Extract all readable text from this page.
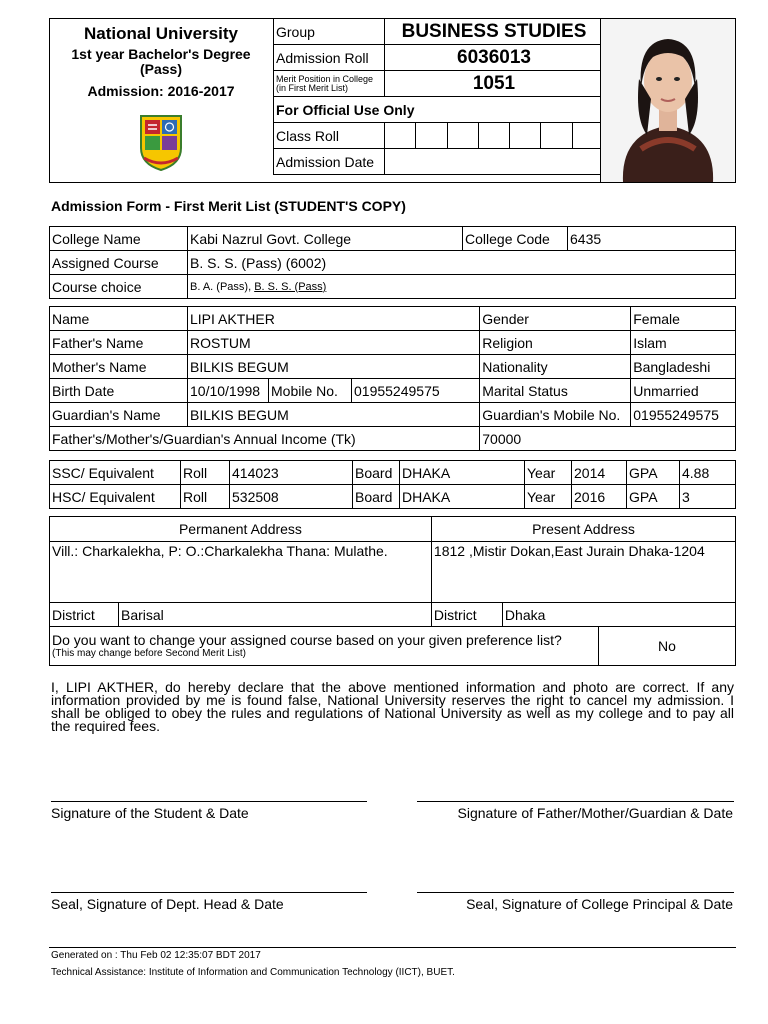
National University
1st year Bachelor's Degree (Pass)
Admission: 2016-2017
Group	BUSINESS STUDIES						
Admission Roll	6036013						
Merit Position in College (in First Merit List)	1051						
For Official Use Only							
Class Roll							
Admission Date							
Admission Form - First Merit List (STUDENT'S COPY)
College Name	Kabi Nazrul Govt. College	College Code	6435
Assigned Course	B. S. S. (Pass) (6002)		
Course choice	B. A. (Pass), B. S. S. (Pass)		
Name	LIPI AKTHER			Gender	Female
Father's Name	ROSTUM			Religion	Islam
Mother's Name	BILKIS BEGUM			Nationality	Bangladeshi
Birth Date	10/10/1998	Mobile No.	01955249575	Marital Status	Unmarried
Guardian's Name	BILKIS BEGUM			Guardian's Mobile No.	01955249575
Father's/Mother's/Guardian's Annual Income (Tk)				70000	
SSC/ Equivalent	Roll	414023	Board	DHAKA	Year	2014	GPA	4.88
HSC/ Equivalent	Roll	532508	Board	DHAKA	Year	2016	GPA	3
Permanent Address		Present Address	
Vill.: Charkalekha, P: O.:Charkalekha Thana: Mulathe.		1812 ,Mistir Dokan,East Jurain Dhaka-1204	
District	Barisal	District	Dhaka
Do you want to change your assigned course based on your given preference list?
(This may change before Second Merit List)	No
I, LIPI AKTHER, do hereby declare that the above mentioned information and photo are correct. If any information provided by me is found false, National University reserves the right to cancel my admission. I shall be obliged to obey the rules and regulations of National University as well as my college and to pay all the required fees.
Signature of the Student & Date	Signature of Father/Mother/Guardian & Date
Seal, Signature of Dept. Head & Date	Seal, Signature of College Principal & Date
Generated on : Thu Feb 02 12:35:07 BDT 2017
Technical Assistance: Institute of Information and Communication Technology (IICT), BUET.
